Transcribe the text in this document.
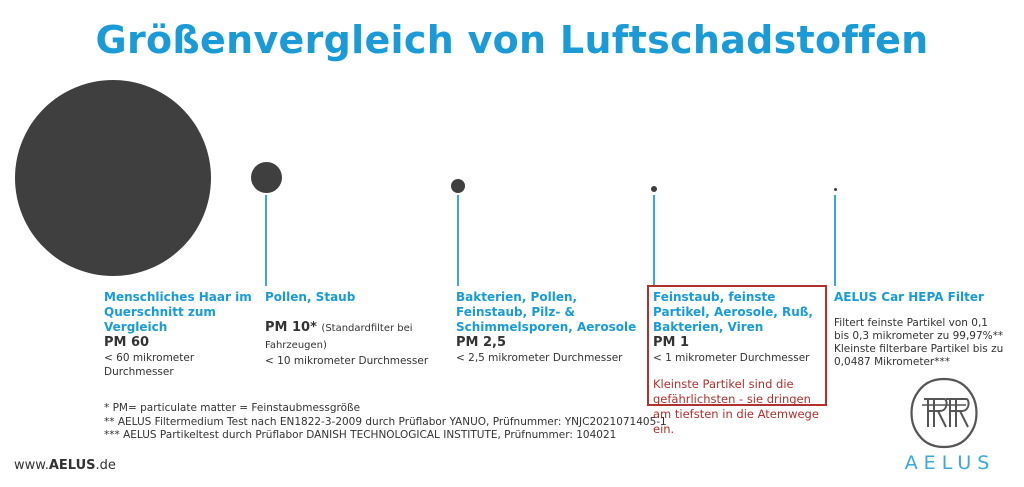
Größenvergleich von Luftschadstoffen
Menschliches Haar im Querschnitt zum Vergleich
PM 60
< 60 mikrometer Durchmesser
Pollen, Staub
PM 10* (Standardfilter bei Fahrzeugen)
< 10 mikrometer Durchmesser
Bakterien, Pollen, Feinstaub, Pilz- & Schimmelsporen, Aerosole
PM 2,5
< 2,5 mikrometer Durchmesser
Feinstaub, feinste Partikel, Aerosole, Ruß, Bakterien, Viren
PM 1
< 1 mikrometer Durchmesser
Kleinste Partikel sind die gefährlichsten - sie dringen am tiefsten in die Atemwege ein.
AELUS Car HEPA Filter
Filtert feinste Partikel von 0,1 bis 0,3 mikrometer zu 99,97%** Kleinste filterbare Partikel bis zu 0,0487 Mikrometer***
* PM= particulate matter = Feinstaubmessgröße
** AELUS Filtermedium Test nach EN1822-3-2009 durch Prüflabor YANUO, Prüfnummer: YNJC2021071405-1
*** AELUS Partikeltest durch Prüflabor DANISH TECHNOLOGICAL INSTITUTE, Prüfnummer: 104021
www.AELUS.de	AELUS
